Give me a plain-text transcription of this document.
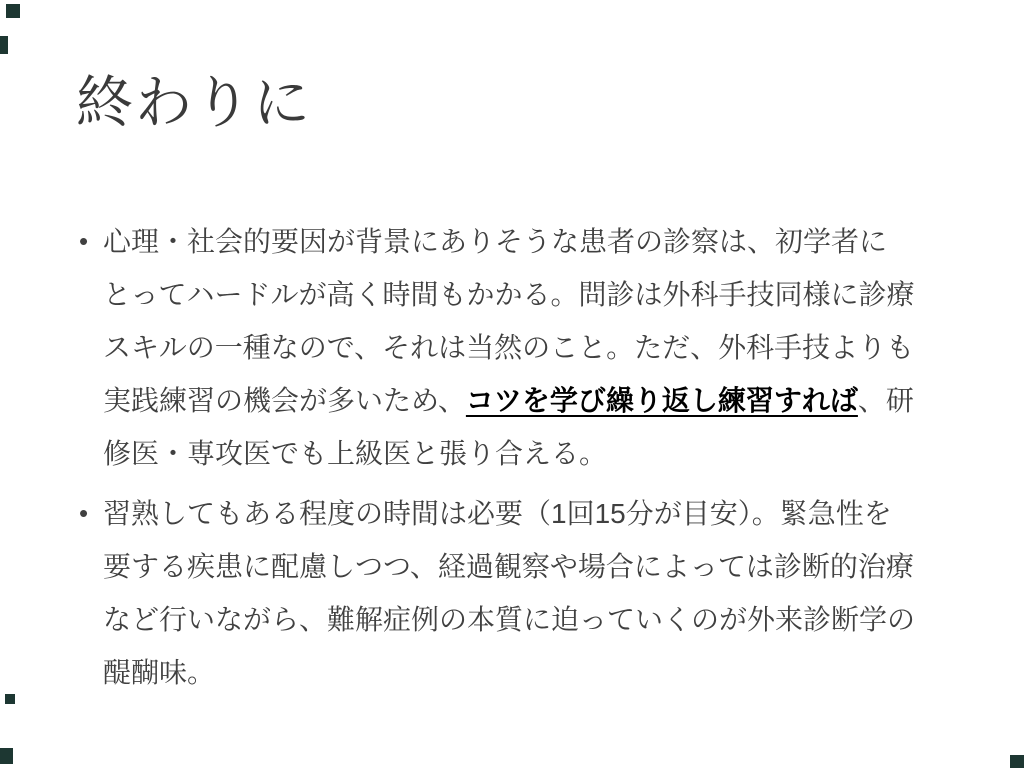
終わりに
• 心理・社会的要因が背景にありそうな患者の診察は、初学者に
とってハードルが高く時間もかかる。問診は外科手技同様に診療
スキルの一種なので、それは当然のこと。ただ、外科手技よりも
実践練習の機会が多いため、コツを学び繰り返し練習すれば、研
修医・専攻医でも上級医と張り合える。
• 習熟してもある程度の時間は必要（1回15分が目安）。緊急性を
要する疾患に配慮しつつ、経過観察や場合によっては診断的治療
など行いながら、難解症例の本質に迫っていくのが外来診断学の
醍醐味。
